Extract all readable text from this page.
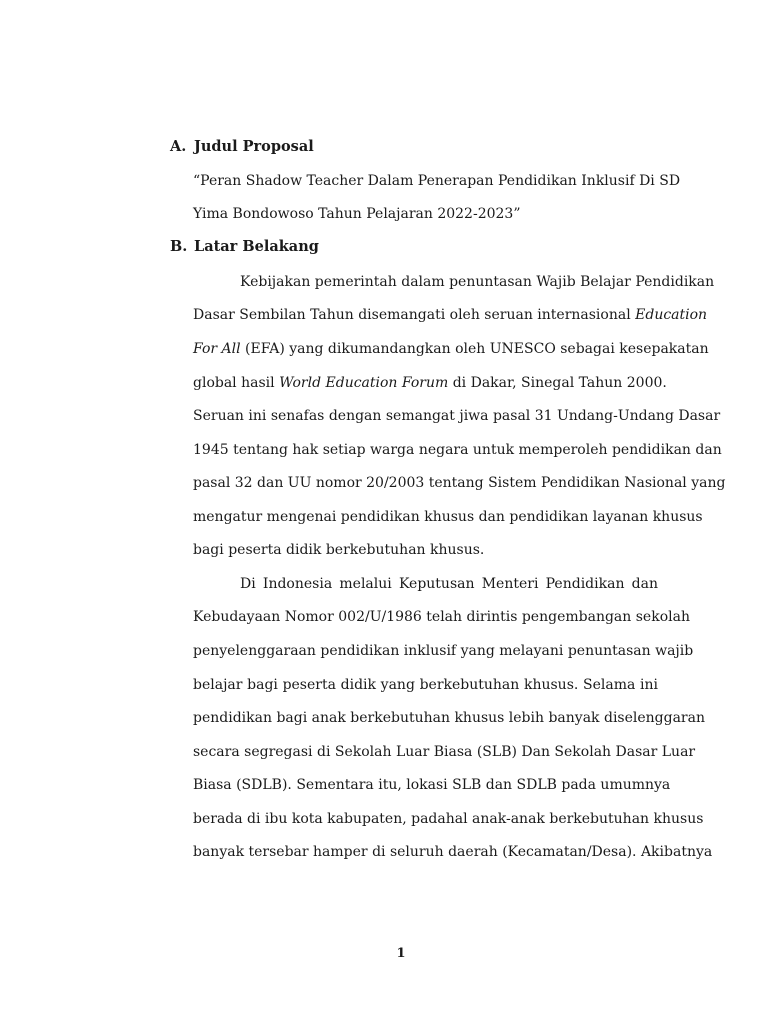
A. Judul Proposal
“Peran Shadow Teacher Dalam Penerapan Pendidikan Inklusif Di SD
Yima Bondowoso Tahun Pelajaran 2022-2023”
B. Latar Belakang
Kebijakan pemerintah dalam penuntasan Wajib Belajar Pendidikan
Dasar Sembilan Tahun disemangati oleh seruan internasional Education
For All (EFA) yang dikumandangkan oleh UNESCO sebagai kesepakatan
global hasil World Education Forum di Dakar, Sinegal Tahun 2000.
Seruan ini senafas dengan semangat jiwa pasal 31 Undang-Undang Dasar
1945 tentang hak setiap warga negara untuk memperoleh pendidikan dan
pasal 32 dan UU nomor 20/2003 tentang Sistem Pendidikan Nasional yang
mengatur mengenai pendidikan khusus dan pendidikan layanan khusus
bagi peserta didik berkebutuhan khusus.
Di Indonesia melalui Keputusan Menteri Pendidikan dan
Kebudayaan Nomor 002/U/1986 telah dirintis pengembangan sekolah
penyelenggaraan pendidikan inklusif yang melayani penuntasan wajib
belajar bagi peserta didik yang berkebutuhan khusus. Selama ini
pendidikan bagi anak berkebutuhan khusus lebih banyak diselenggaran
secara segregasi di Sekolah Luar Biasa (SLB) Dan Sekolah Dasar Luar
Biasa (SDLB). Sementara itu, lokasi SLB dan SDLB pada umumnya
berada di ibu kota kabupaten, padahal anak-anak berkebutuhan khusus
banyak tersebar hamper di seluruh daerah (Kecamatan/Desa). Akibatnya
1
